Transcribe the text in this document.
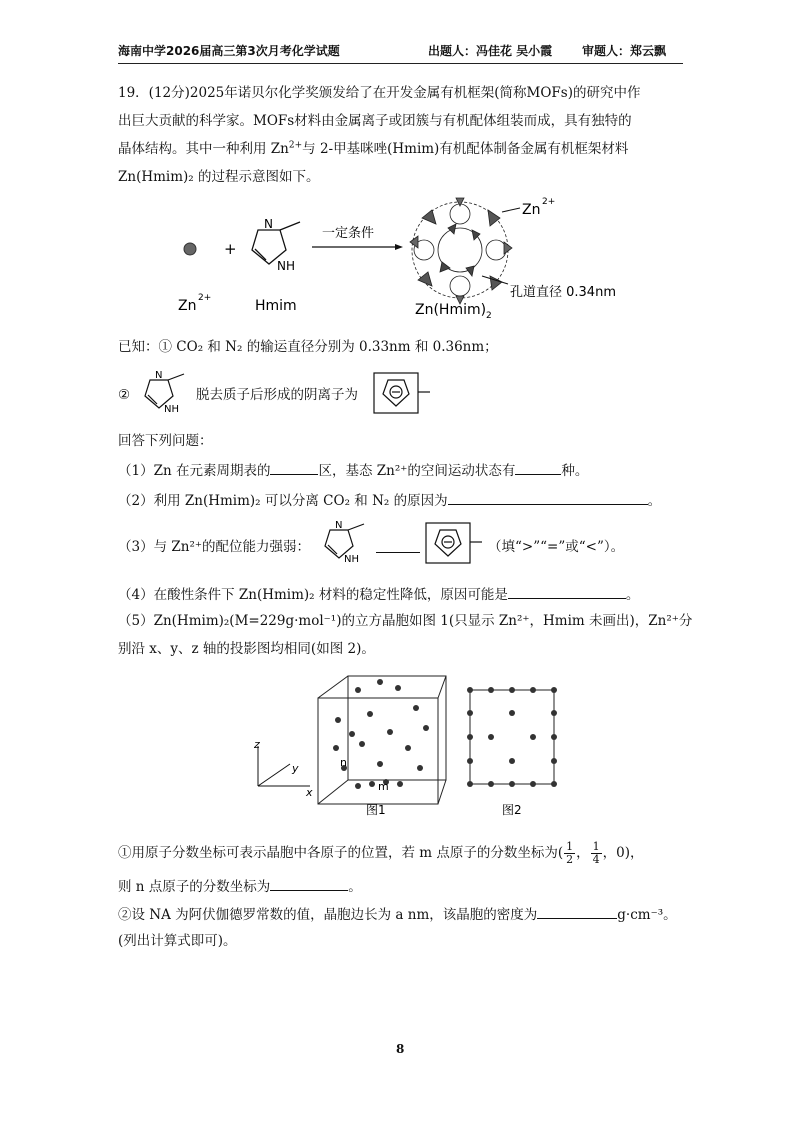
海南中学2026届高三第3次月考化学试题	出题人：冯佳花 吴小霞 审题人：郑云飘
19．(12分)2025年诺贝尔化学奖颁发给了在开发金属有机框架(简称MOFs)的研究中作
出巨大贡献的科学家。MOFs材料由金属离子或团簇与有机配体组装而成，具有独特的
晶体结构。其中一种利用 $Zn^{2+}$与 2-甲基咪唑(Hmim)有机配体制备金属有机框架材料
Zn(Hmim)₂ 的过程示意图如下。
+
N
NH
一定条件
Zn 2+
孔道直径 0.34nm
Zn 2+	Hmim	Zn(Hmim) 2
已知：① CO₂ 和 N₂ 的输运直径分别为 0.33nm 和 0.36nm；
②
N
NH
脱去质子后形成的阴离子为
回答下列问题：
（1）Zn 在元素周期表的	区，基态 Zn²⁺的空间运动状态有	种。
（2）利用 Zn(Hmim)₂ 可以分离 CO₂ 和 N₂ 的原因为	。
（3）与 Zn²⁺的配位能力强弱：
N
NH
（填“>”“=”或“<”）。
（4）在酸性条件下 Zn(Hmim)₂ 材料的稳定性降低，原因可能是	。
（5）Zn(Hmim)₂(M=229g·mol⁻¹)的立方晶胞如图 1(只显示 Zn²⁺，Hmim 未画出)，Zn²⁺分
别沿 x、y、z 轴的投影图均相同(如图 2)。
z
y
x
n
m
图1	图2
①用原子分数坐标可表示晶胞中各原子的位置，若 m 点原子的分数坐标为( $\frac{1}{2}$ ， $\frac{1}{4}$ ，0)，
则 n 点原子的分数坐标为	。
②设 NA 为阿伏伽德罗常数的值，晶胞边长为 a nm，该晶胞的密度为	g·cm⁻³。
(列出计算式即可)。
8
